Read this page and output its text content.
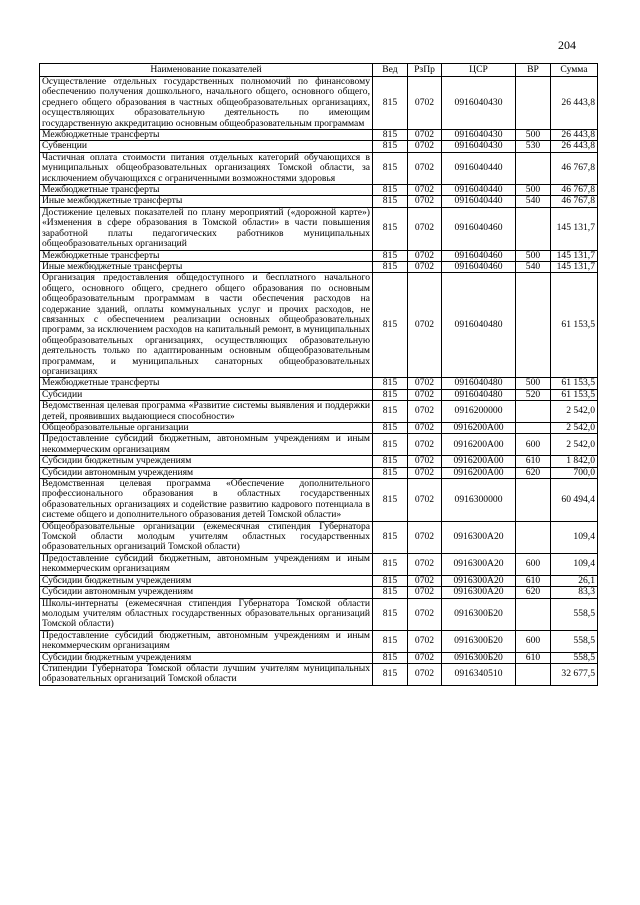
204
Наименование показателей	Вед	РзПр	ЦСР	ВР	Сумма
Осуществление отдельных государственных полномочий по финансовому обеспечению получения дошкольного, начального общего, основного общего, среднего общего образования в частных общеобразовательных организациях, осуществляющих образовательную деятельность по имеющим государственную аккредитацию основным общеобразовательным программам	815	0702	0916040430		26 443,8
Межбюджетные трансферты	815	0702	0916040430	500	26 443,8
Субвенции	815	0702	0916040430	530	26 443,8
Частичная оплата стоимости питания отдельных категорий обучающихся в муниципальных общеобразовательных организациях Томской области, за исключением обучающихся с ограниченными возможностями здоровья	815	0702	0916040440		46 767,8
Межбюджетные трансферты	815	0702	0916040440	500	46 767,8
Иные межбюджетные трансферты	815	0702	0916040440	540	46 767,8
Достижение целевых показателей по плану мероприятий («дорожной карте») «Изменения в сфере образования в Томской области» в части повышения заработной платы педагогических работников муниципальных общеобразовательных организаций	815	0702	0916040460		145 131,7
Межбюджетные трансферты	815	0702	0916040460	500	145 131,7
Иные межбюджетные трансферты	815	0702	0916040460	540	145 131,7
Организация предоставления общедоступного и бесплатного начального общего, основного общего, среднего общего образования по основным общеобразовательным программам в части обеспечения расходов на содержание зданий, оплаты коммунальных услуг и прочих расходов, не связанных с обеспечением реализации основных общеобразовательных программ, за исключением расходов на капитальный ремонт, в муниципальных общеобразовательных организациях, осуществляющих образовательную деятельность только по адаптированным основным общеобразовательным программам, и муниципальных санаторных общеобразовательных организациях	815	0702	0916040480		61 153,5
Межбюджетные трансферты	815	0702	0916040480	500	61 153,5
Субсидии	815	0702	0916040480	520	61 153,5
Ведомственная целевая программа «Развитие системы выявления и поддержки детей, проявивших выдающиеся способности»	815	0702	0916200000		2 542,0
Общеобразовательные организации	815	0702	0916200А00		2 542,0
Предоставление субсидий бюджетным, автономным учреждениям и иным некоммерческим организациям	815	0702	0916200А00	600	2 542,0
Субсидии бюджетным учреждениям	815	0702	0916200А00	610	1 842,0
Субсидии автономным учреждениям	815	0702	0916200А00	620	700,0
Ведомственная целевая программа «Обеспечение дополнительного профессионального образования в областных государственных образовательных организациях и содействие развитию кадрового потенциала в системе общего и дополнительного образования детей Томской области»	815	0702	0916300000		60 494,4
Общеобразовательные организации (ежемесячная стипендия Губернатора Томской области молодым учителям областных государственных образовательных организаций Томской области)	815	0702	0916300А20		109,4
Предоставление субсидий бюджетным, автономным учреждениям и иным некоммерческим организациям	815	0702	0916300А20	600	109,4
Субсидии бюджетным учреждениям	815	0702	0916300А20	610	26,1
Субсидии автономным учреждениям	815	0702	0916300А20	620	83,3
Школы-интернаты (ежемесячная стипендия Губернатора Томской области молодым учителям областных государственных образовательных организаций Томской области)	815	0702	0916300Б20		558,5
Предоставление субсидий бюджетным, автономным учреждениям и иным некоммерческим организациям	815	0702	0916300Б20	600	558,5
Субсидии бюджетным учреждениям	815	0702	0916300Б20	610	558,5
Стипендии Губернатора Томской области лучшим учителям муниципальных образовательных организаций Томской области	815	0702	0916340510		32 677,5
